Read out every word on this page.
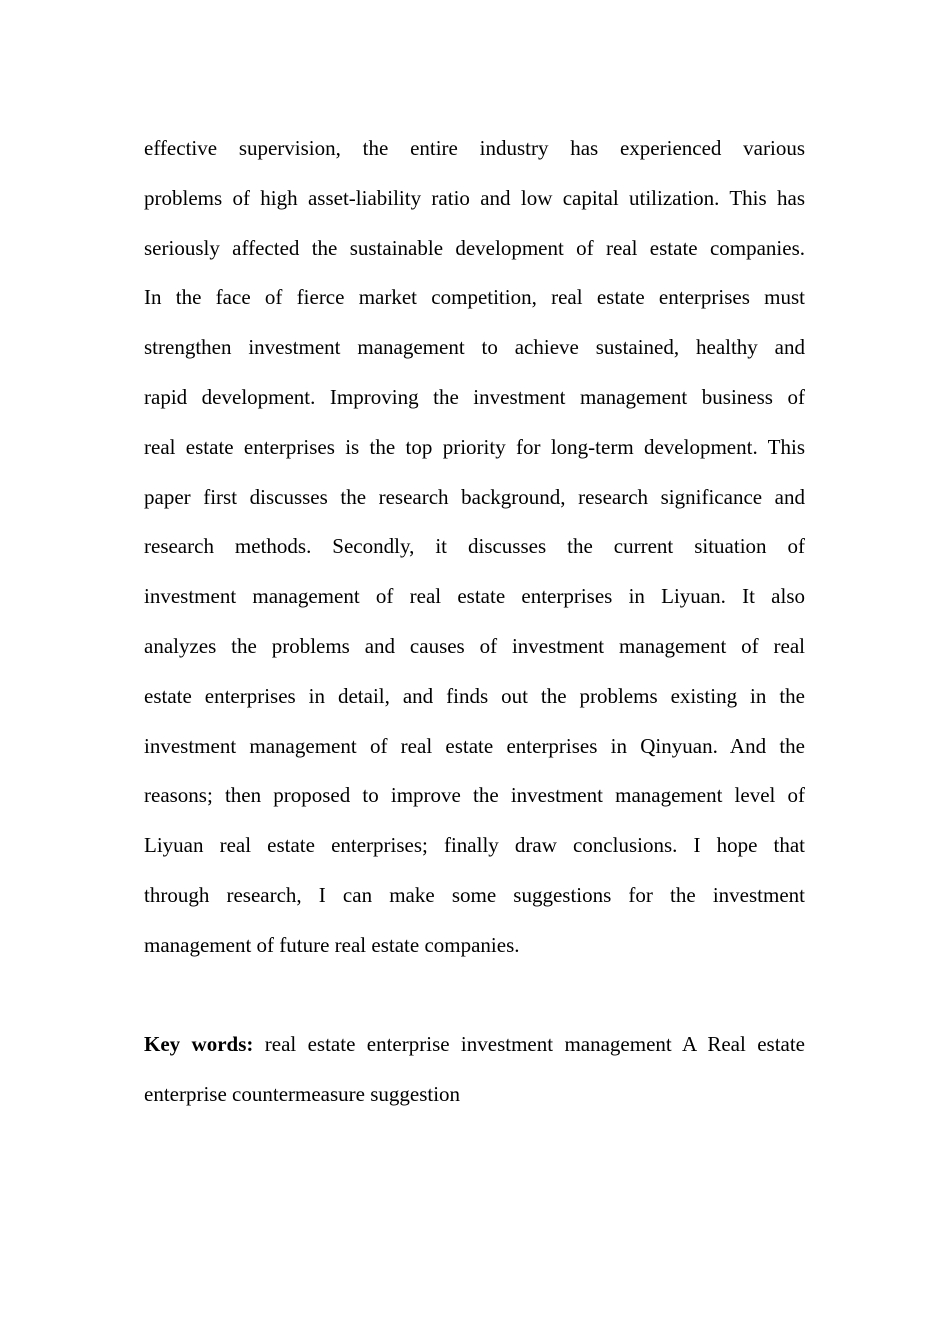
effective supervision, the entire industry has experienced various
problems of high asset-liability ratio and low capital utilization. This has
seriously affected the sustainable development of real estate companies.
In the face of fierce market competition, real estate enterprises must
strengthen investment management to achieve sustained, healthy and
rapid development. Improving the investment management business of
real estate enterprises is the top priority for long-term development. This
paper first discusses the research background, research significance and
research methods. Secondly, it discusses the current situation of
investment management of real estate enterprises in Liyuan. It also
analyzes the problems and causes of investment management of real
estate enterprises in detail, and finds out the problems existing in the
investment management of real estate enterprises in Qinyuan. And the
reasons; then proposed to improve the investment management level of
Liyuan real estate enterprises; finally draw conclusions. I hope that
through research, I can make some suggestions for the investment
management of future real estate companies.
Key words: real estate enterprise investment management A Real estate
enterprise countermeasure suggestion
